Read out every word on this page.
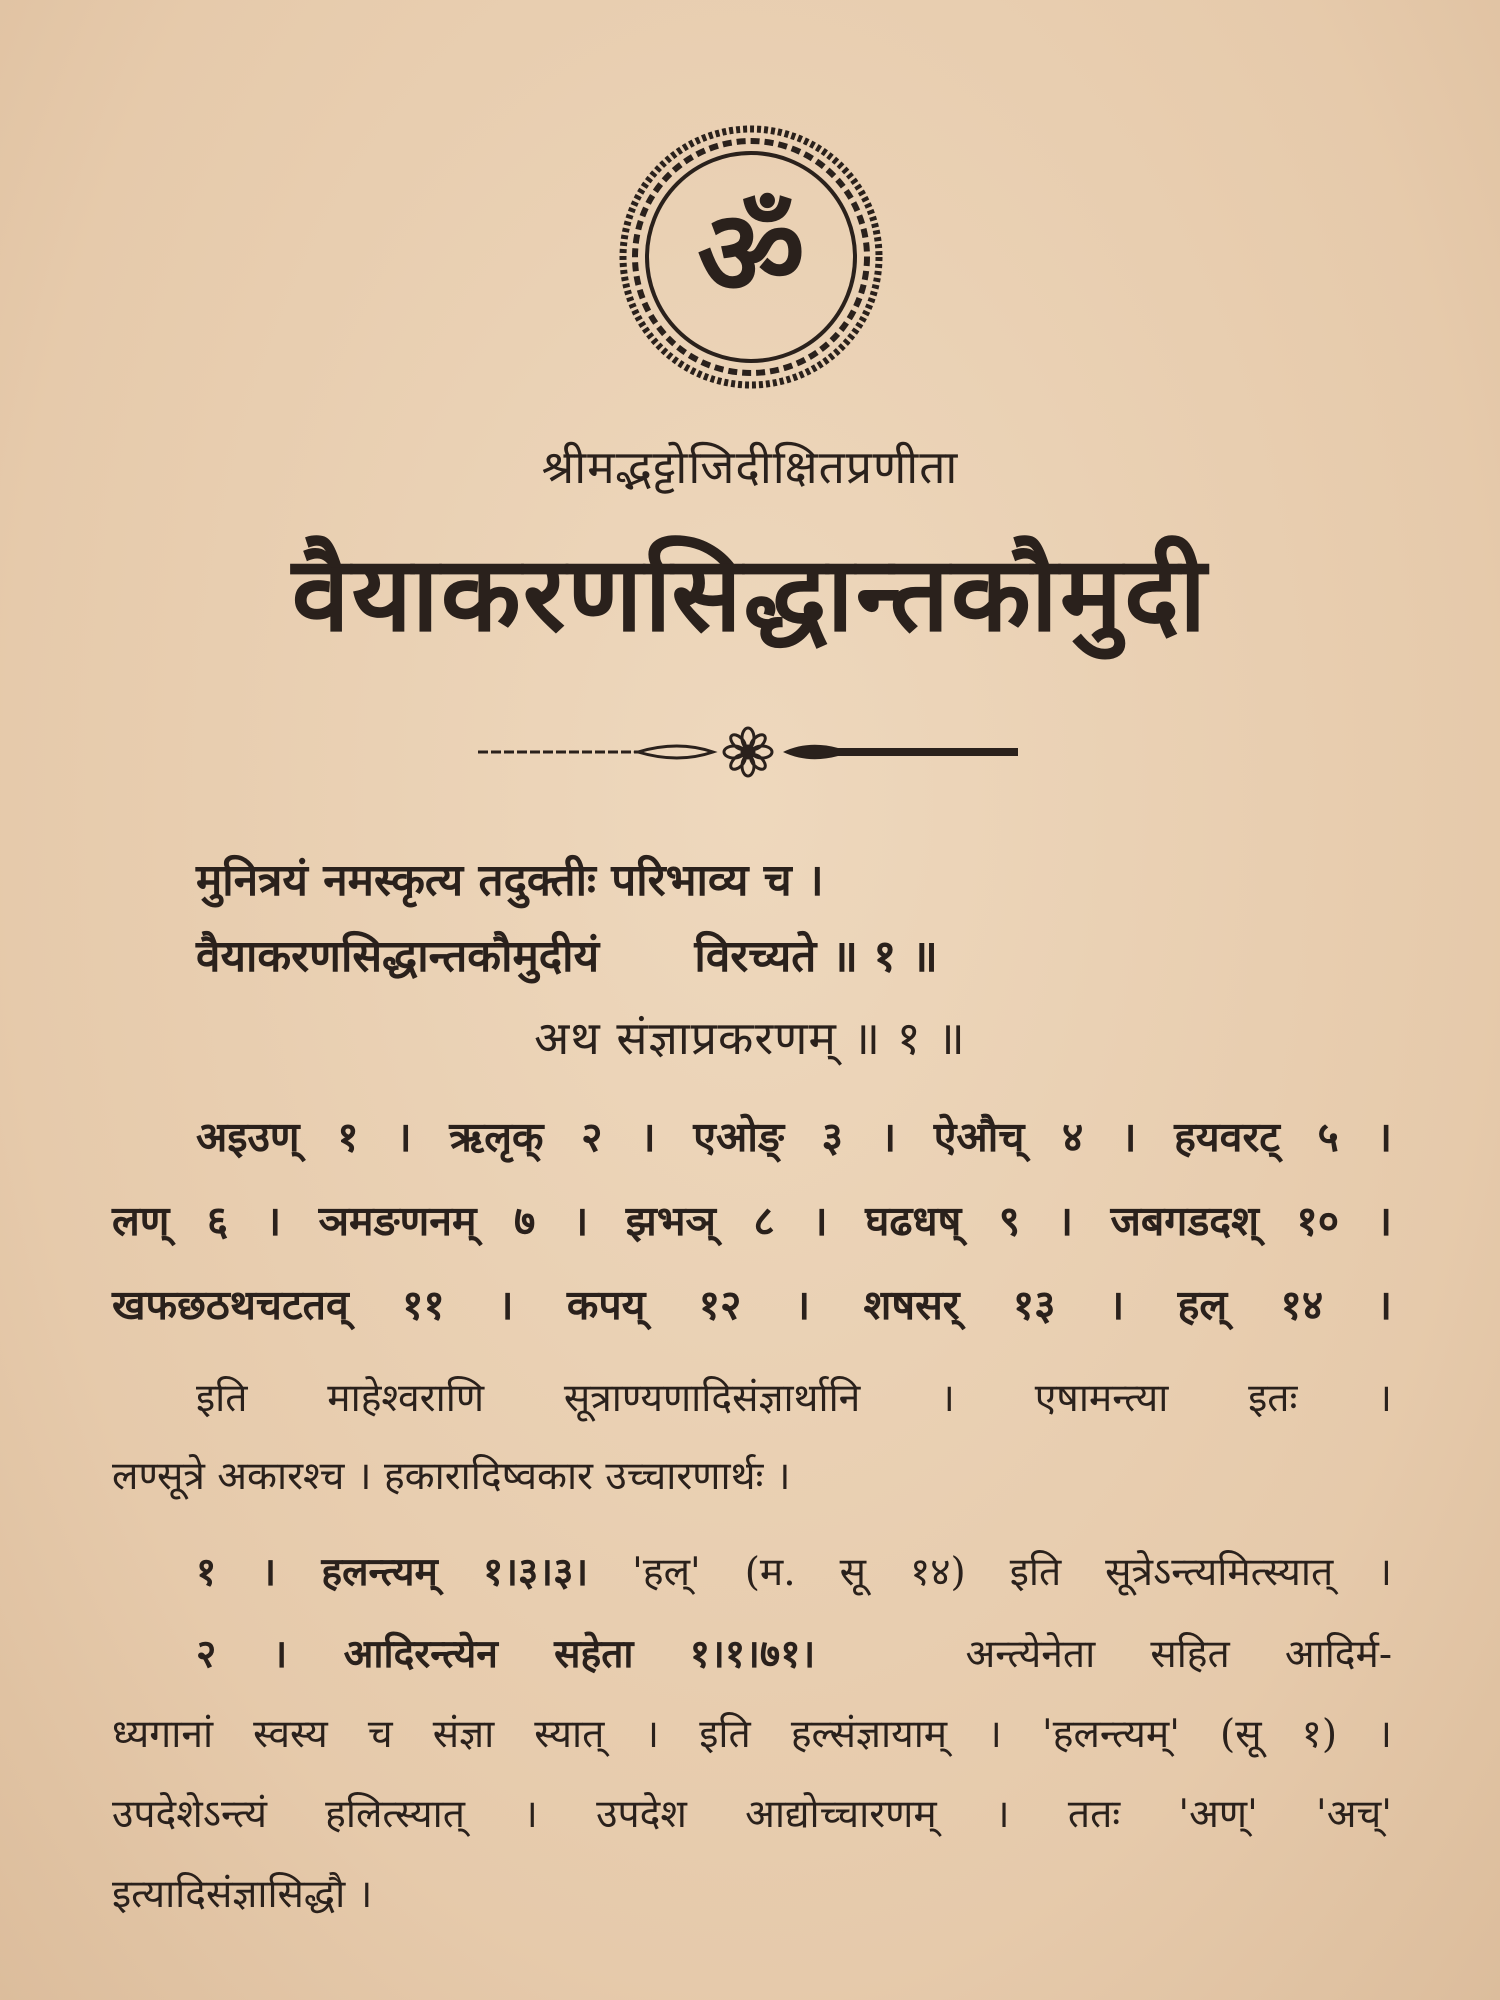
ॐ
श्रीमद्भट्टोजिदीक्षितप्रणीता
वैयाकरणसिद्धान्तकौमुदी
मुनित्रयं नमस्कृत्य तदुक्तीः परिभाव्य च ।
वैयाकरणसिद्धान्तकौमुदीयं विरच्यते ॥ १ ॥
अथ संज्ञाप्रकरणम् ॥ १ ॥
अइउण् १ । ऋलृक् २ । एओङ् ३ । ऐऔच् ४ । हयवरट् ५ ।
लण् ६ । ञमङणनम् ७ । झभञ् ८ । घढधष् ९ । जबगडदश् १० ।
खफछठथचटतव् ११ । कपय् १२ । शषसर् १३ । हल् १४ ।
इति माहेश्वराणि सूत्राण्यणादिसंज्ञार्थानि । एषामन्त्या इतः ।
लण्सूत्रे अकारश्च । हकारादिष्वकार उच्चारणार्थः ।
१ । हलन्त्यम् १।३।३। 'हल्' (म. सू १४) इति सूत्रेऽन्त्यमित्स्यात् ।
२ । आदिरन्त्येन सहेता १।१।७१।	अन्त्येनेता सहित आदिर्म-
ध्यगानां स्वस्य च संज्ञा स्यात् । इति हल्संज्ञायाम् । 'हलन्त्यम्' (सू १) ।
उपदेशेऽन्त्यं हलित्स्यात् । उपदेश आद्योच्चारणम् । ततः 'अण्' 'अच्'
इत्यादिसंज्ञासिद्धौ ।
